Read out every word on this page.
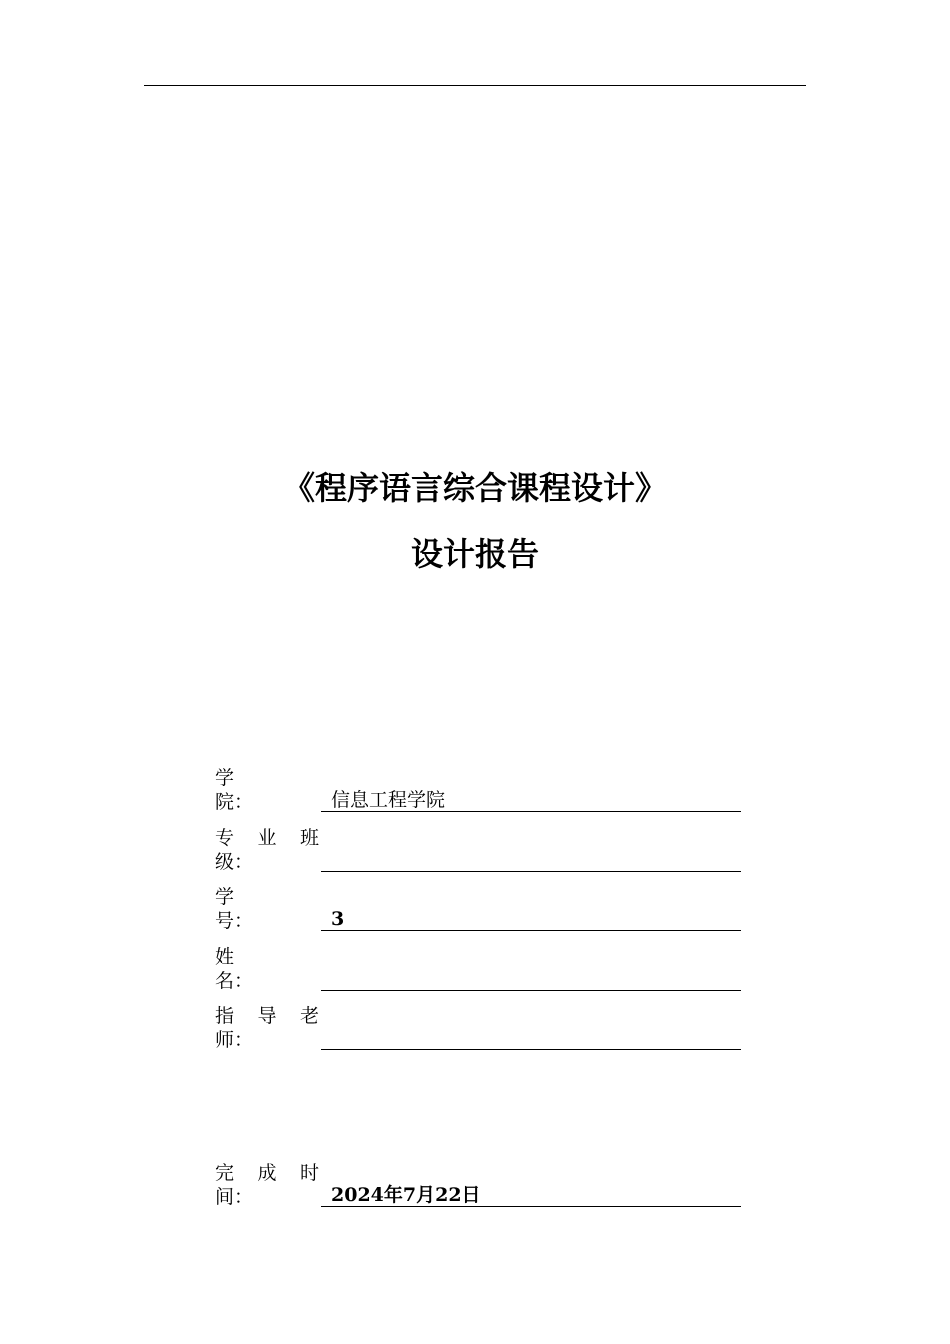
《程序语言综合课程设计》
设计报告
学
院：	信息工程学院
专 业 班
级：
学
号：	3
姓
名：
指 导 老
师：
完 成 时
间：	2024年7月22日
